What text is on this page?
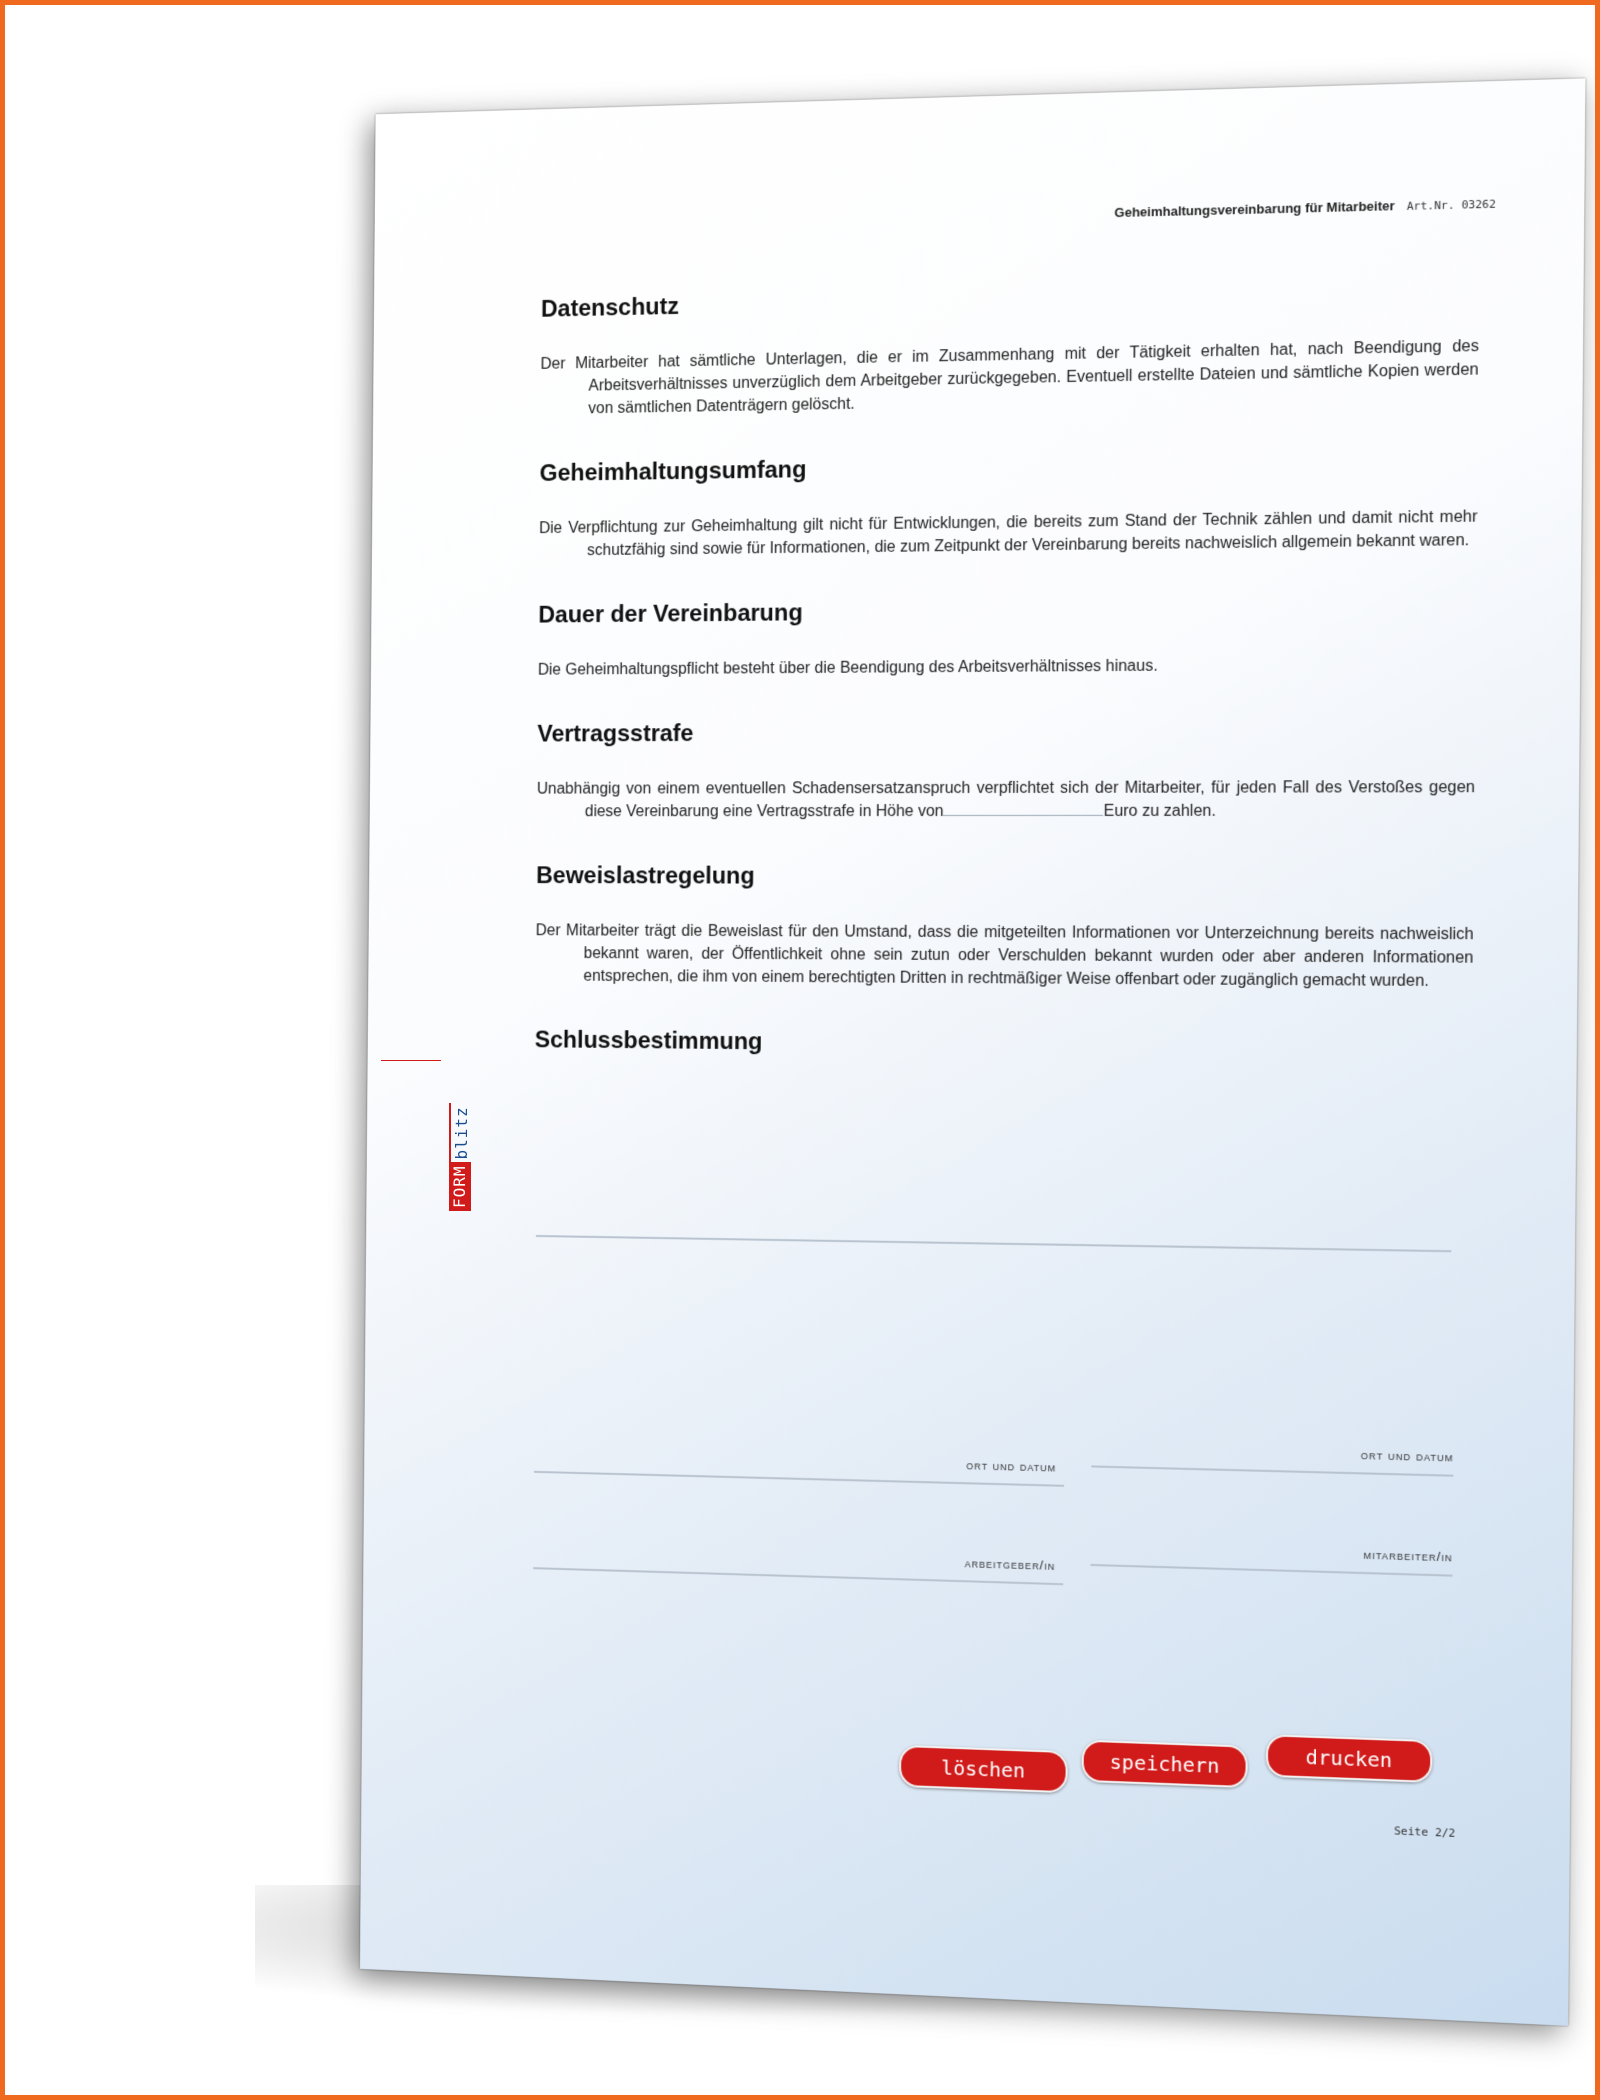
Geheimhaltungsvereinbarung für Mitarbeiter Art.Nr. 03262
Datenschutz

Der Mitarbeiter hat sämtliche Unterlagen, die er im Zusammenhang mit der Tätigkeit erhalten hat, nach Beendigung des Arbeitsverhältnisses unverzüglich dem Arbeitgeber zurückgegeben. Eventuell erstellte Dateien und sämtliche Kopien werden von sämtlichen Datenträgern gelöscht.

Geheimhaltungsumfang

Die Verpflichtung zur Geheimhaltung gilt nicht für Entwicklungen, die bereits zum Stand der Technik zählen und damit nicht mehr schutzfähig sind sowie für Informationen, die zum Zeitpunkt der Vereinbarung bereits nachweislich allgemein bekannt waren.

Dauer der Vereinbarung

Die Geheimhaltungspflicht besteht über die Beendigung des Arbeitsverhältnisses hinaus.

Vertragsstrafe

Unabhängig von einem eventuellen Schadensersatzanspruch verpflichtet sich der Mitarbeiter, für jeden Fall des Verstoßes gegen diese Vereinbarung eine Vertragsstrafe in Höhe von	Euro zu zahlen.

Beweislastregelung

Der Mitarbeiter trägt die Beweislast für den Umstand, dass die mitgeteilten Informationen vor Unterzeichnung bereits nachweislich bekannt waren, der Öffentlichkeit ohne sein zutun oder Verschulden bekannt wurden oder aber anderen Informationen entsprechen, die ihm von einem berechtigten Dritten in rechtmäßiger Weise offenbart oder zugänglich gemacht wurden.

Schlussbestimmung
ort und datum
ort und datum
arbeitgeber/in	mitarbeiter/in
löschen	speichern	drucken
Seite 2/2
FORM
blitz
